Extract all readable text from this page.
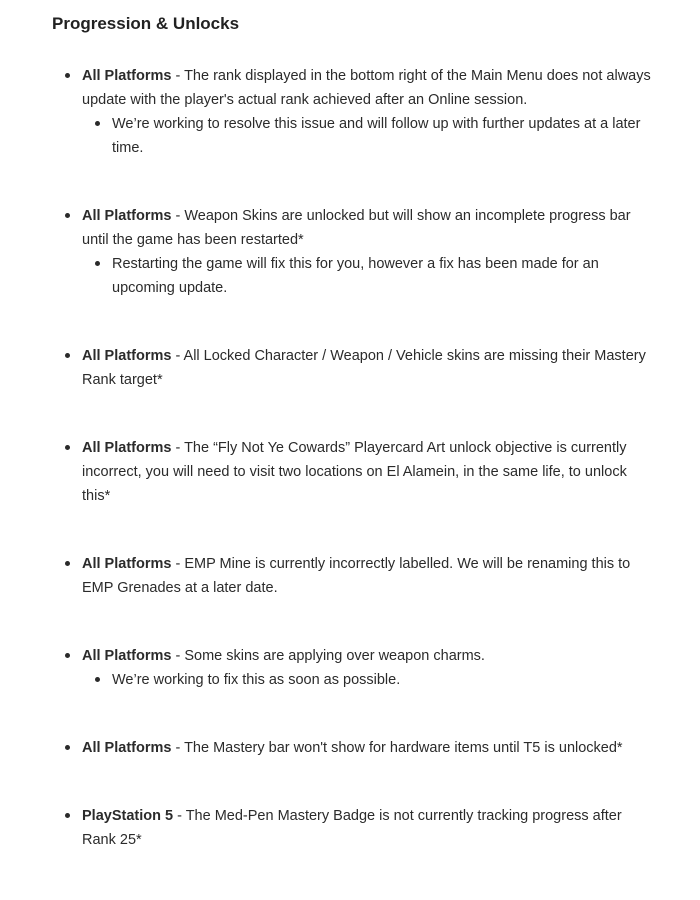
Progression & Unlocks
All Platforms - The rank displayed in the bottom right of the Main Menu does not always update with the player's actual rank achieved after an Online session.
We’re working to resolve this issue and will follow up with further updates at a later time.
All Platforms - Weapon Skins are unlocked but will show an incomplete progress bar until the game has been restarted*
Restarting the game will fix this for you, however a fix has been made for an upcoming update.
All Platforms - All Locked Character / Weapon / Vehicle skins are missing their Mastery Rank target*
All Platforms - The “Fly Not Ye Cowards” Playercard Art unlock objective is currently incorrect, you will need to visit two locations on El Alamein, in the same life, to unlock this*
All Platforms - EMP Mine is currently incorrectly labelled. We will be renaming this to EMP Grenades at a later date.
All Platforms - Some skins are applying over weapon charms.
We’re working to fix this as soon as possible.
All Platforms - The Mastery bar won't show for hardware items until T5 is unlocked*
PlayStation 5 - The Med-Pen Mastery Badge is not currently tracking progress after Rank 25*
